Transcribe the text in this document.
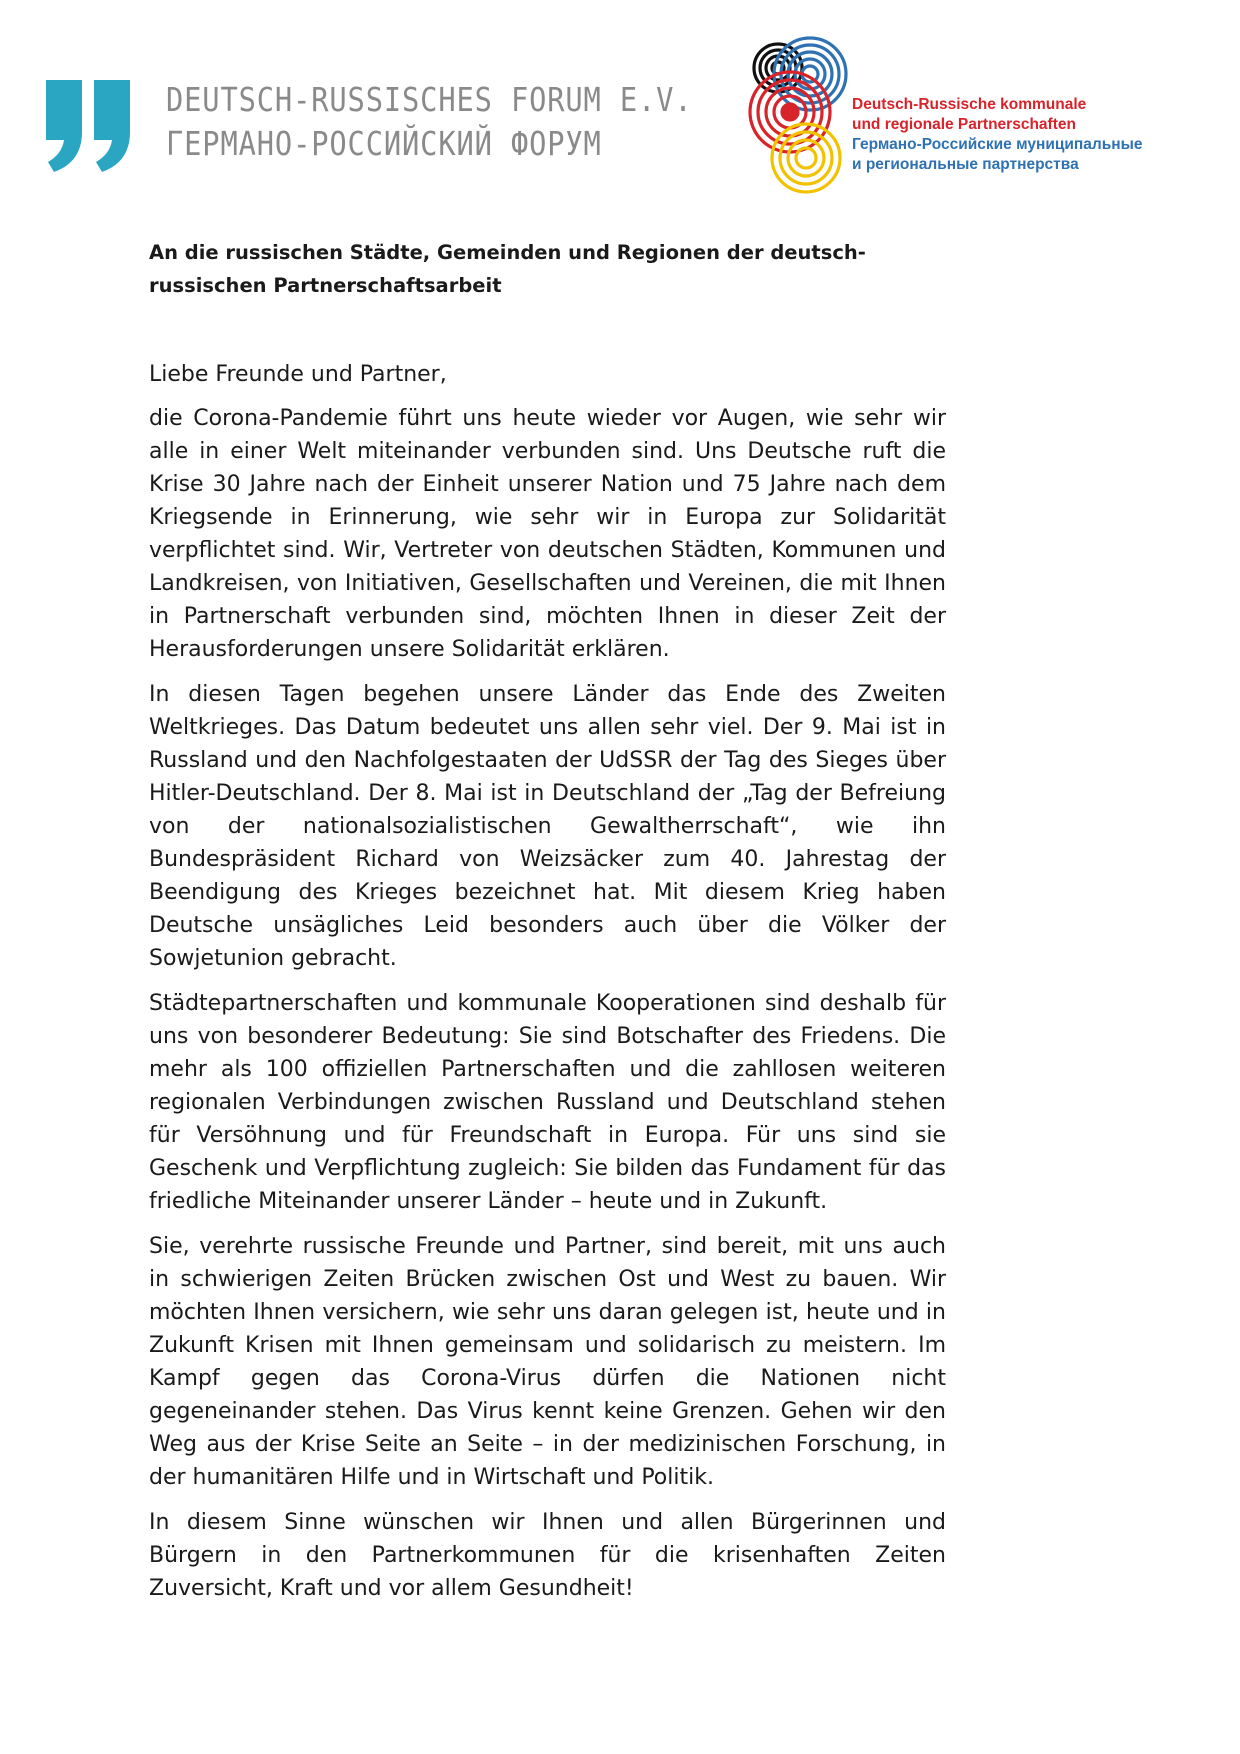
DEUTSCH-RUSSISCHES FORUM E.V.
ГЕРМАНО-РОССИЙСКИЙ ФОРУМ
Deutsch-Russische kommunale
und regionale Partnerschaften
Германо-Российские муниципальные
и региональные партнерства

An die russischen Städte, Gemeinden und Regionen der deutsch-russischen Partnerschaftsarbeit

Liebe Freunde und Partner,

die Corona-Pandemie führt uns heute wieder vor Augen, wie sehr wir alle in einer Welt miteinander verbunden sind. Uns Deutsche ruft die Krise 30 Jahre nach der Einheit unserer Nation und 75 Jahre nach dem Kriegsende in Erinnerung, wie sehr wir in Europa zur Solidarität verpflichtet sind. Wir, Vertreter von deutschen Städten, Kommunen und Landkreisen, von Initiativen, Gesellschaften und Vereinen, die mit Ihnen in Partnerschaft verbunden sind, möchten Ihnen in dieser Zeit der Herausforderungen unsere Solidarität erklären.

In diesen Tagen begehen unsere Länder das Ende des Zweiten Weltkrieges. Das Datum bedeutet uns allen sehr viel. Der 9. Mai ist in Russland und den Nachfolgestaaten der UdSSR der Tag des Sieges über Hitler-Deutschland. Der 8. Mai ist in Deutschland der „Tag der Befreiung von der nationalsozialistischen Gewaltherrschaft“, wie ihn Bundespräsident Richard von Weizsäcker zum 40. Jahrestag der Beendigung des Krieges bezeichnet hat. Mit diesem Krieg haben Deutsche unsägliches Leid besonders auch über die Völker der Sowjetunion gebracht.

Städtepartnerschaften und kommunale Kooperationen sind deshalb für uns von besonderer Bedeutung: Sie sind Botschafter des Friedens. Die mehr als 100 offiziellen Partnerschaften und die zahllosen weiteren regionalen Verbindungen zwischen Russland und Deutschland stehen für Versöhnung und für Freundschaft in Europa. Für uns sind sie Geschenk und Verpflichtung zugleich: Sie bilden das Fundament für das friedliche Miteinander unserer Länder – heute und in Zukunft.

Sie, verehrte russische Freunde und Partner, sind bereit, mit uns auch in schwierigen Zeiten Brücken zwischen Ost und West zu bauen. Wir möchten Ihnen versichern, wie sehr uns daran gelegen ist, heute und in Zukunft Krisen mit Ihnen gemeinsam und solidarisch zu meistern. Im Kampf gegen das Corona-Virus dürfen die Nationen nicht gegeneinander stehen. Das Virus kennt keine Grenzen. Gehen wir den Weg aus der Krise Seite an Seite – in der medizinischen Forschung, in der humanitären Hilfe und in Wirtschaft und Politik.

In diesem Sinne wünschen wir Ihnen und allen Bürgerinnen und Bürgern in den Partnerkommunen für die krisenhaften Zeiten Zuversicht, Kraft und vor allem Gesundheit!
